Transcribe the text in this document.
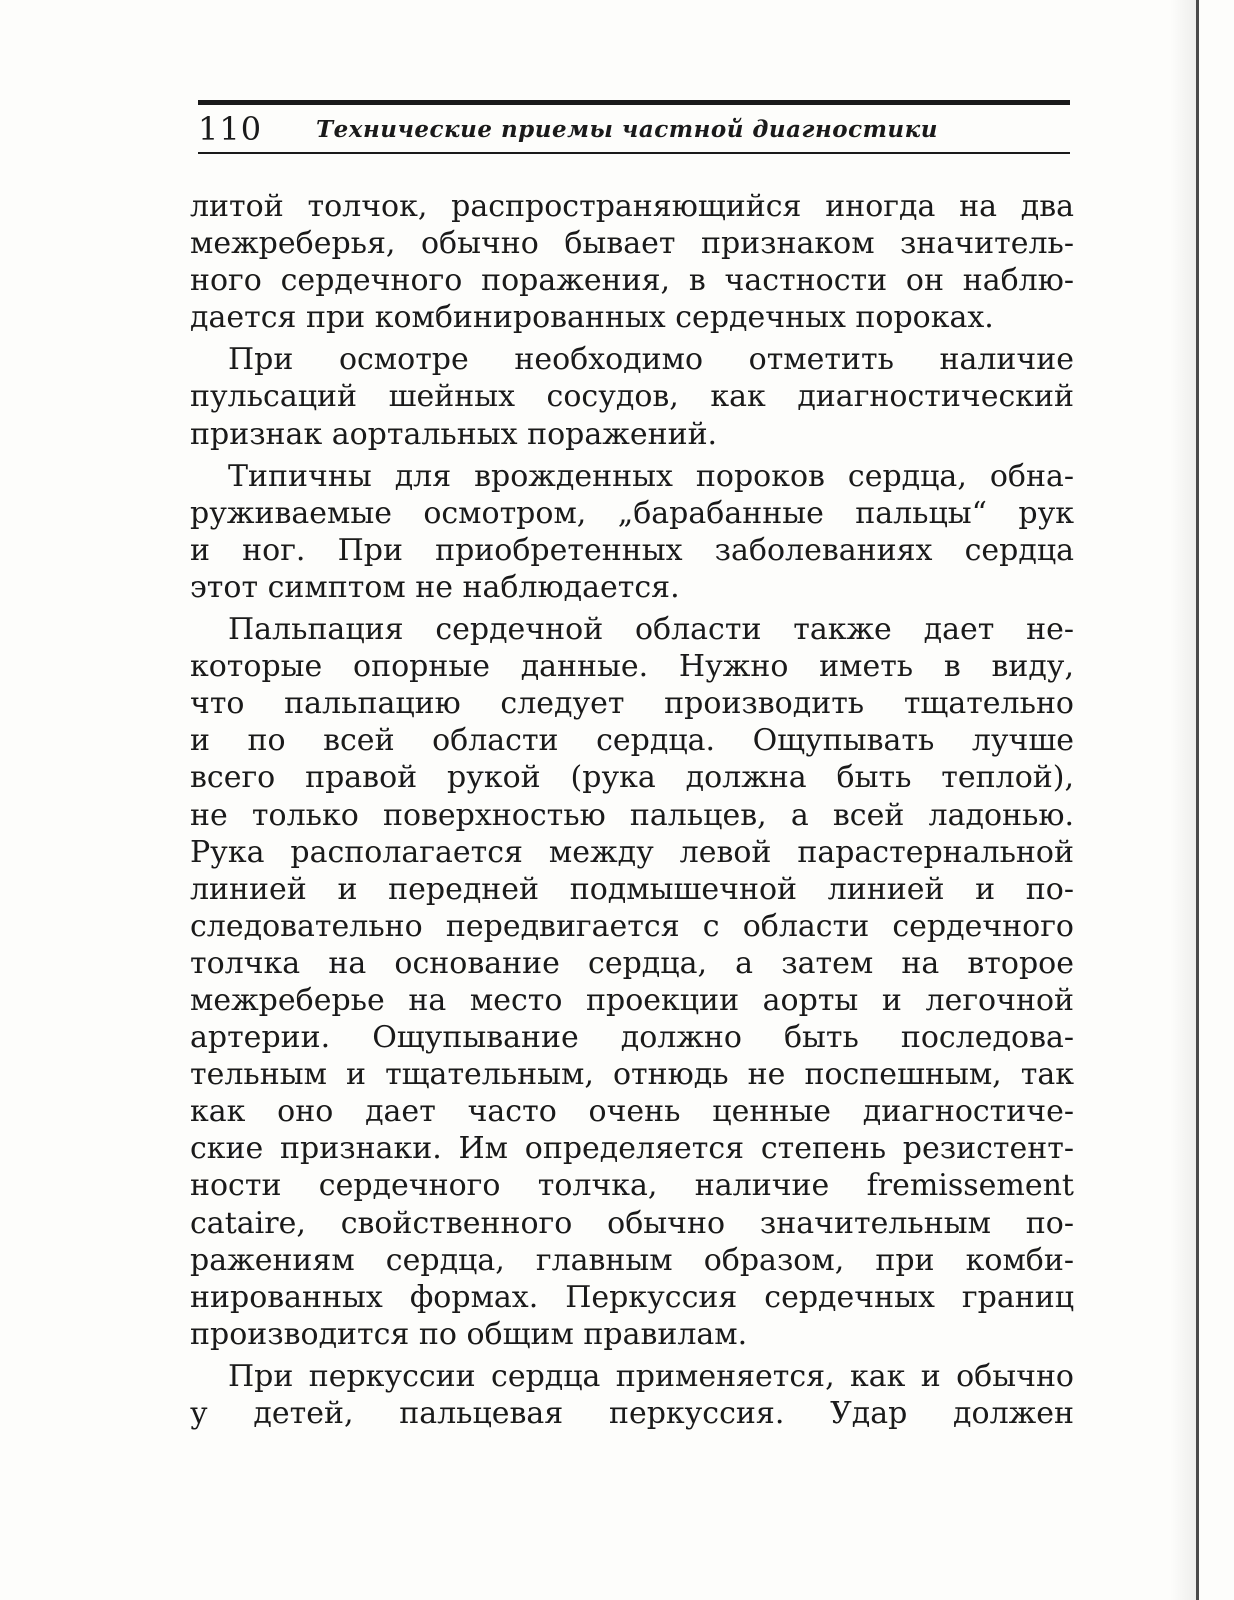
110	Технические приемы частной диагностики
литой толчок, распространяющийся иногда на два
межреберья, обычно бывает признаком значитель-
ного сердечного поражения, в частности он наблю-
дается при комбинированных сердечных пороках.
При осмотре необходимо отметить наличие
пульсаций шейных сосудов, как диагностический
признак аортальных поражений.
Типичны для врожденных пороков сердца, обна-
руживаемые осмотром, „барабанные пальцы“ рук
и ног. При приобретенных заболеваниях сердца
этот симптом не наблюдается.
Пальпация сердечной области также дает не-
которые опорные данные. Нужно иметь в виду,
что пальпацию следует производить тщательно
и по всей области сердца. Ощупывать лучше
всего правой рукой (рука должна быть теплой),
не только поверхностью пальцев, а всей ладонью.
Рука располагается между левой парастернальной
линией и передней подмышечной линией и по-
следовательно передвигается с области сердечного
толчка на основание сердца, а затем на второе
межреберье на место проекции аорты и легочной
артерии. Ощупывание должно быть последова-
тельным и тщательным, отнюдь не поспешным, так
как оно дает часто очень ценные диагностиче-
ские признаки. Им определяется степень резистент-
ности сердечного толчка, наличие fremissement
cataire, свойственного обычно значительным по-
ражениям сердца, главным образом, при комби-
нированных формах. Перкуссия сердечных границ
производится по общим правилам.
При перкуссии сердца применяется, как и обычно
у детей, пальцевая перкуссия. Удар должен
